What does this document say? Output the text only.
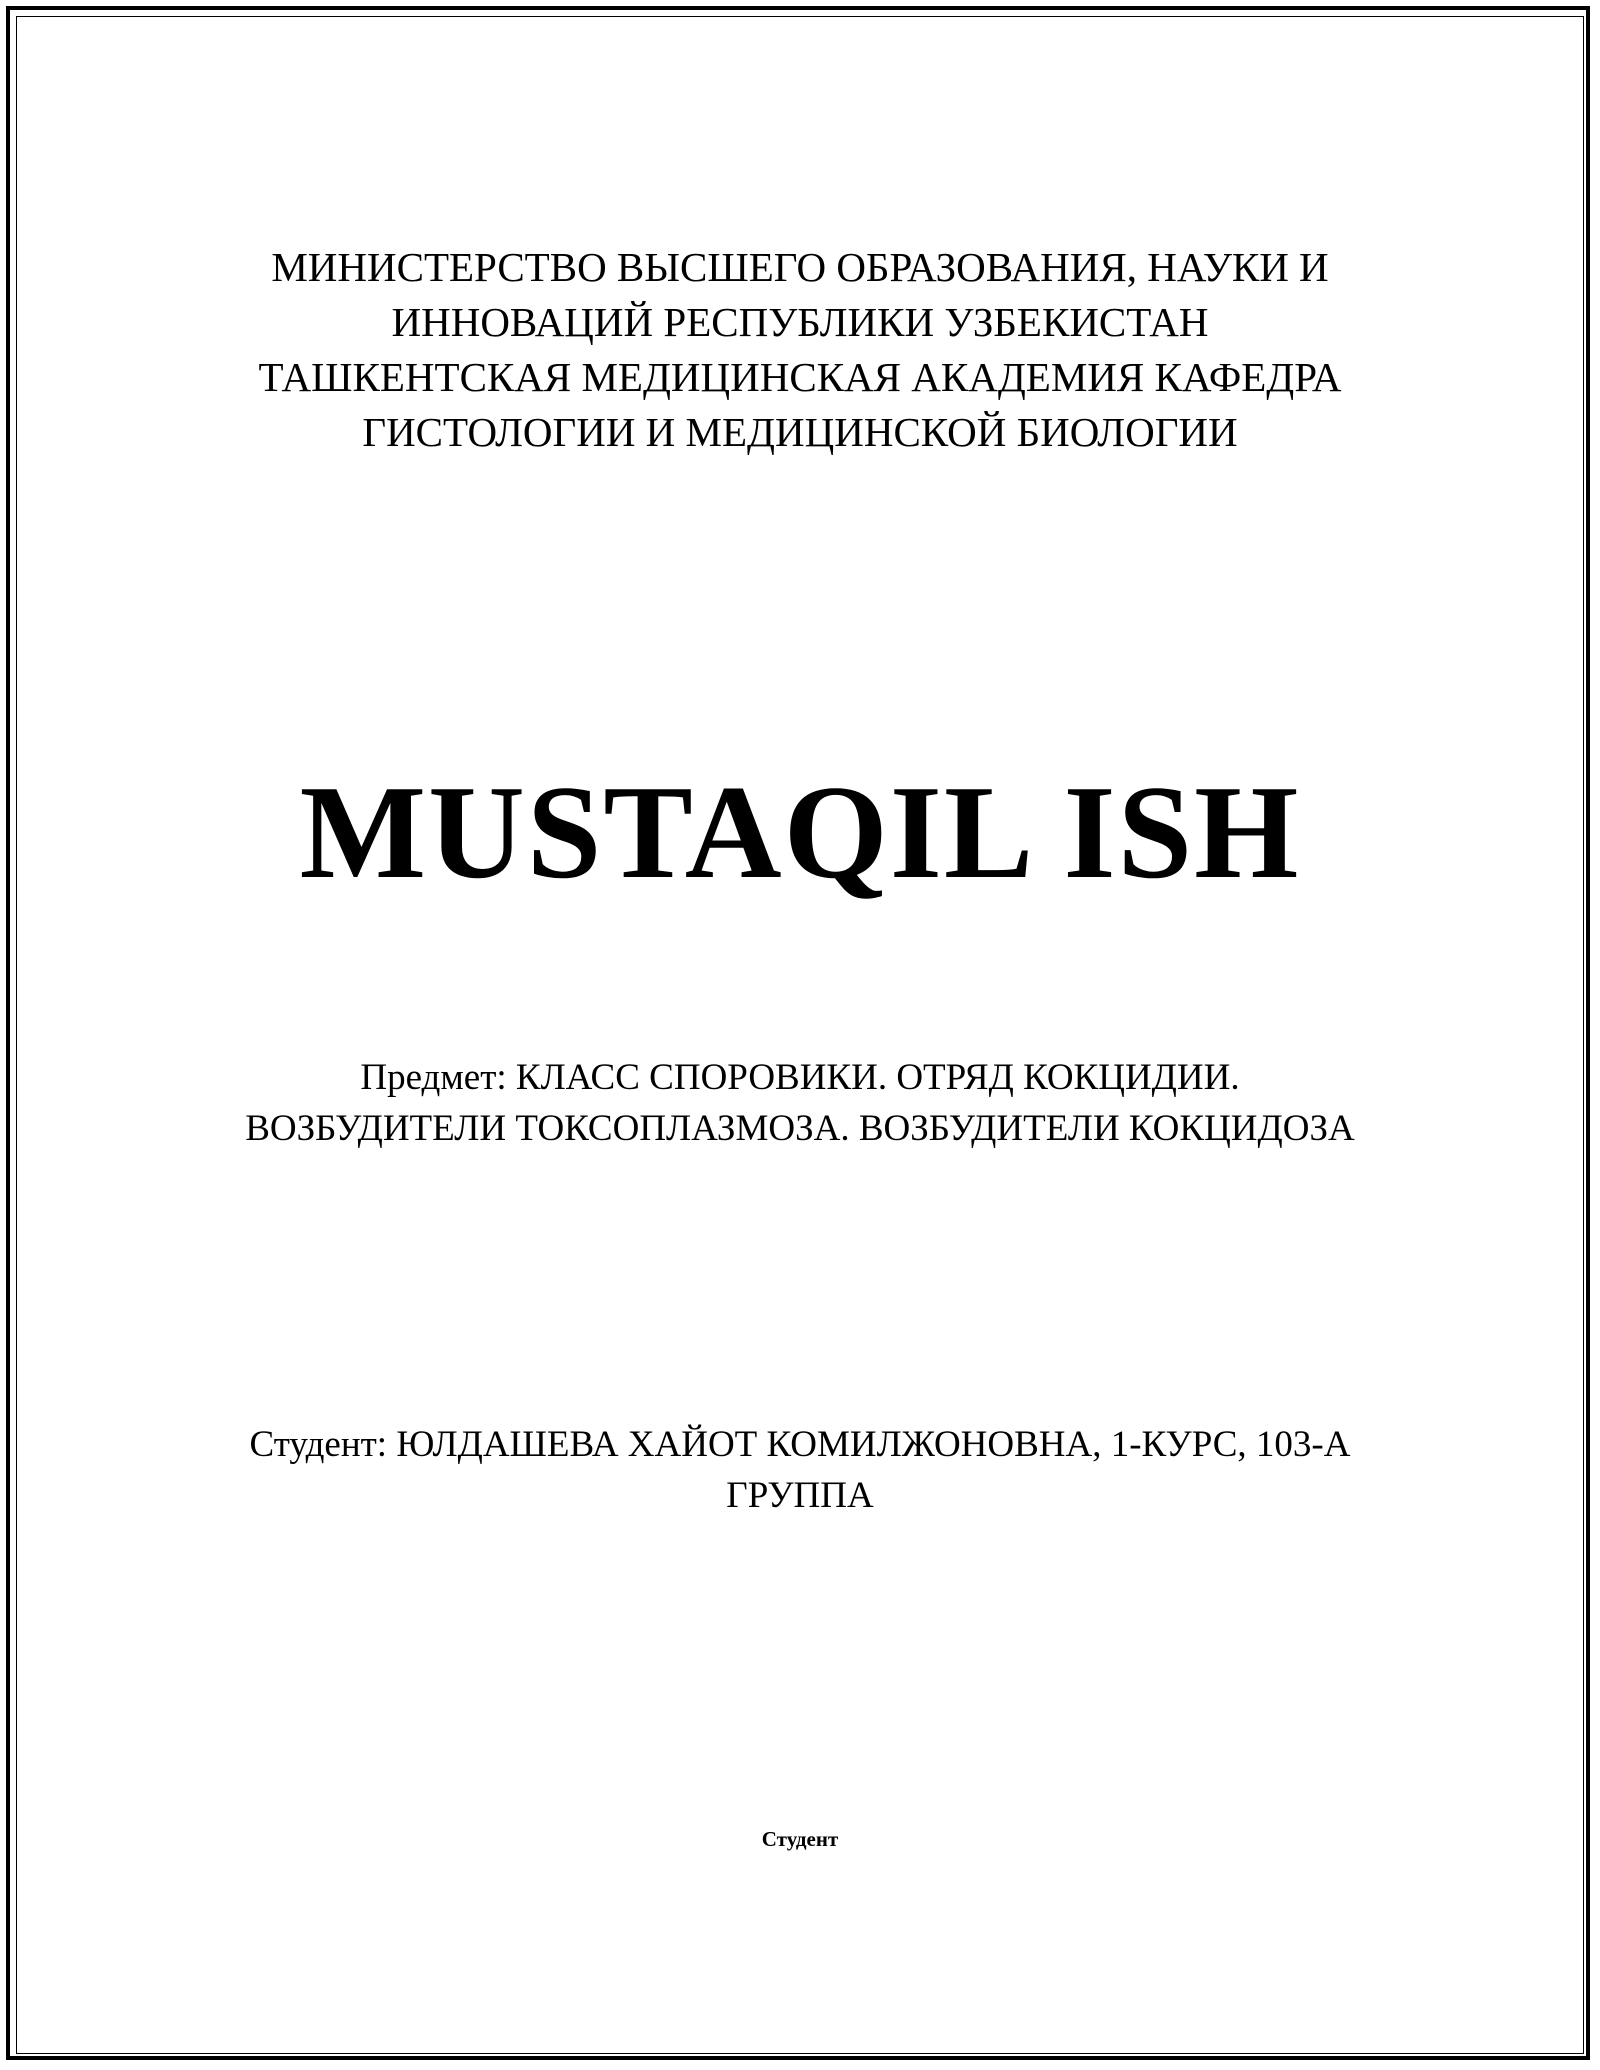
МИНИСТЕРСТВО ВЫСШЕГО ОБРАЗОВАНИЯ, НАУКИ И
ИННОВАЦИЙ РЕСПУБЛИКИ УЗБЕКИСТАН
ТАШКЕНТСКАЯ МЕДИЦИНСКАЯ АКАДЕМИЯ КАФЕДРА
ГИСТОЛОГИИ И МЕДИЦИНСКОЙ БИОЛОГИИ
MUSTAQIL ISH
Предмет: КЛАСС СПОРОВИКИ. ОТРЯД КОКЦИДИИ.
ВОЗБУДИТЕЛИ ТОКСОПЛАЗМОЗА. ВОЗБУДИТЕЛИ КОКЦИДОЗА
Студент: ЮЛДАШЕВА ХАЙОТ КОМИЛЖОНОВНА, 1-КУРС, 103-А
ГРУППА
Студент
